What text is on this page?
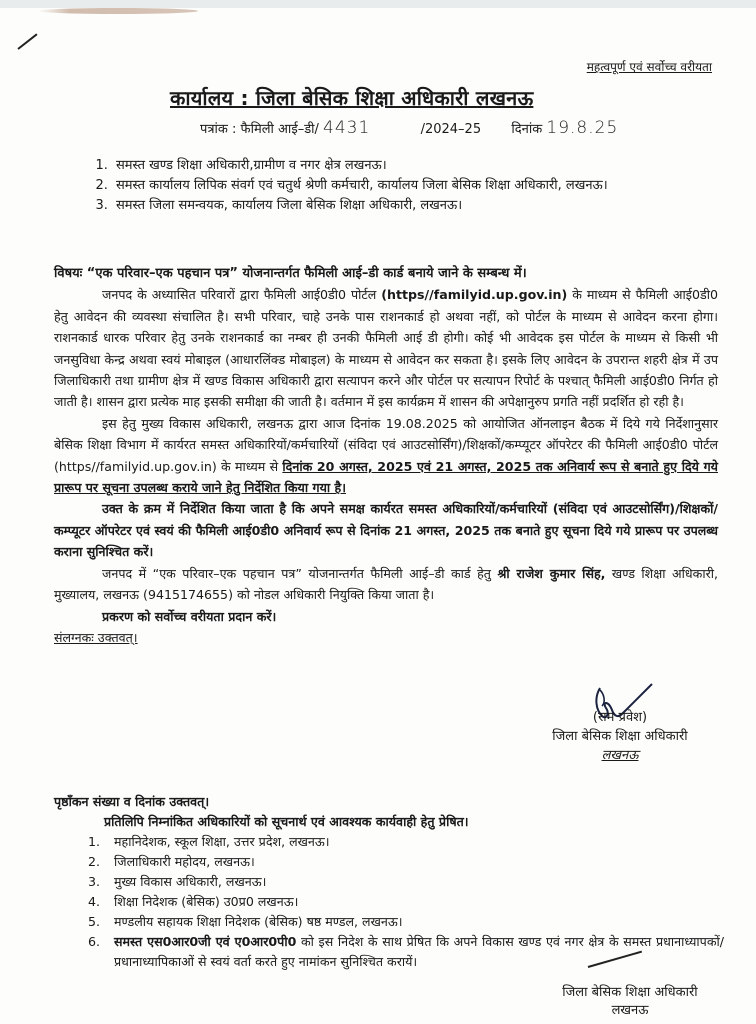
महत्वपूर्ण एवं सर्वोच्च वरीयता
कार्यालय : जिला बेसिक शिक्षा अधिकारी लखनऊ
पत्रांक : फैमिली आई–डी/ 4431	/2024–25 दिनांक 19.8.25
1. समस्त खण्ड शिक्षा अधिकारी,ग्रामीण व नगर क्षेत्र लखनऊ।
2. समस्त कार्यालय लिपिक संवर्ग एवं चतुर्थ श्रेणी कर्मचारी, कार्यालय जिला बेसिक शिक्षा अधिकारी, लखनऊ।
3. समस्त जिला समन्वयक, कार्यालय जिला बेसिक शिक्षा अधिकारी, लखनऊ।

विषयः “एक परिवार–एक पहचान पत्र” योजनान्तर्गत फैमिली आई–डी कार्ड बनाये जाने के सम्बन्ध में।

जनपद के अध्यासित परिवारों द्वारा फैमिली आई0डी0 पोर्टल (https//familyid.up.gov.in) के माध्यम से फैमिली आई0डी0 हेतु आवेदन की व्यवस्था संचालित है। सभी परिवार, चाहे उनके पास राशनकार्ड हो अथवा नहीं, को पोर्टल के माध्यम से आवेदन करना होगा। राशनकार्ड धारक परिवार हेतु उनके राशनकार्ड का नम्बर ही उनकी फैमिली आई डी होगी। कोई भी आवेदक इस पोर्टल के माध्यम से किसी भी जनसुविधा केन्द्र अथवा स्वयं मोबाइल (आधारलिंक्ड मोबाइल) के माध्यम से आवेदन कर सकता है। इसके लिए आवेदन के उपरान्त शहरी क्षेत्र में उप जिलाधिकारी तथा ग्रामीण क्षेत्र में खण्ड विकास अधिकारी द्वारा सत्यापन करने और पोर्टल पर सत्यापन रिपोर्ट के पश्चात् फैमिली आई0डी0 निर्गत हो जाती है। शासन द्वारा प्रत्येक माह इसकी समीक्षा की जाती है। वर्तमान में इस कार्यक्रम में शासन की अपेक्षानुरुप प्रगति नहीं प्रदर्शित हो रही है।

इस हेतु मुख्य विकास अधिकारी, लखनऊ द्वारा आज दिनांक 19.08.2025 को आयोजित ऑनलाइन बैठक में दिये गये निर्देशानुसार बेसिक शिक्षा विभाग में कार्यरत समस्त अधिकारियों/कर्मचारियों (संविदा एवं आउटसोर्सिंग)/शिक्षकों/कम्प्यूटर ऑपरेटर की फैमिली आई0डी0 पोर्टल (https//familyid.up.gov.in) के माध्यम से दिनांक 20 अगस्त, 2025 एवं 21 अगस्त, 2025 तक अनिवार्य रूप से बनाते हुए दिये गये प्रारूप पर सूचना उपलब्ध कराये जाने हेतु निर्देशित किया गया है।

उक्त के क्रम में निर्देशित किया जाता है कि अपने समक्ष कार्यरत समस्त अधिकारियों/कर्मचारियों (संविदा एवं आउटसोर्सिंग)/शिक्षकों/कम्प्यूटर ऑपरेटर एवं स्वयं की फैमिली आई0डी0 अनिवार्य रूप से दिनांक 21 अगस्त, 2025 तक बनाते हुए सूचना दिये गये प्रारूप पर उपलब्ध कराना सुनिश्चित करें।

जनपद में “एक परिवार–एक पहचान पत्र” योजनान्तर्गत फैमिली आई–डी कार्ड हेतु श्री राजेश कुमार सिंह, खण्ड शिक्षा अधिकारी, मुख्यालय, लखनऊ (9415174655) को नोडल अधिकारी नियुक्ति किया जाता है।

प्रकरण को सर्वोच्च वरीयता प्रदान करें।

संलग्नकः उक्तवत्।

(राम प्रवेश)
जिला बेसिक शिक्षा अधिकारी
लखनऊ

पृष्ठाँकन संख्या व दिनांक उक्तवत्।

प्रतिलिपि निम्नांकित अधिकारियों को सूचनार्थ एवं आवश्यक कार्यवाही हेतु प्रेषित।

1. महानिदेशक, स्कूल शिक्षा, उत्तर प्रदेश, लखनऊ।
2. जिलाधिकारी महोदय, लखनऊ।
3. मुख्य विकास अधिकारी, लखनऊ।
4. शिक्षा निदेशक (बेसिक) उ0प्र0 लखनऊ।
5. मण्डलीय सहायक शिक्षा निदेशक (बेसिक) षष्ठ मण्डल, लखनऊ।
6. समस्त एस0आर0जी एवं ए0आर0पी0 को इस निदेश के साथ प्रेषित कि अपने विकास खण्ड एवं नगर क्षेत्र के समस्त प्रधानाध्यापकों/प्रधानाध्यापिकाओं से स्वयं वर्ता करते हुए नामांकन सुनिश्चित करायें।
जिला बेसिक शिक्षा अधिकारी
लखनऊ
